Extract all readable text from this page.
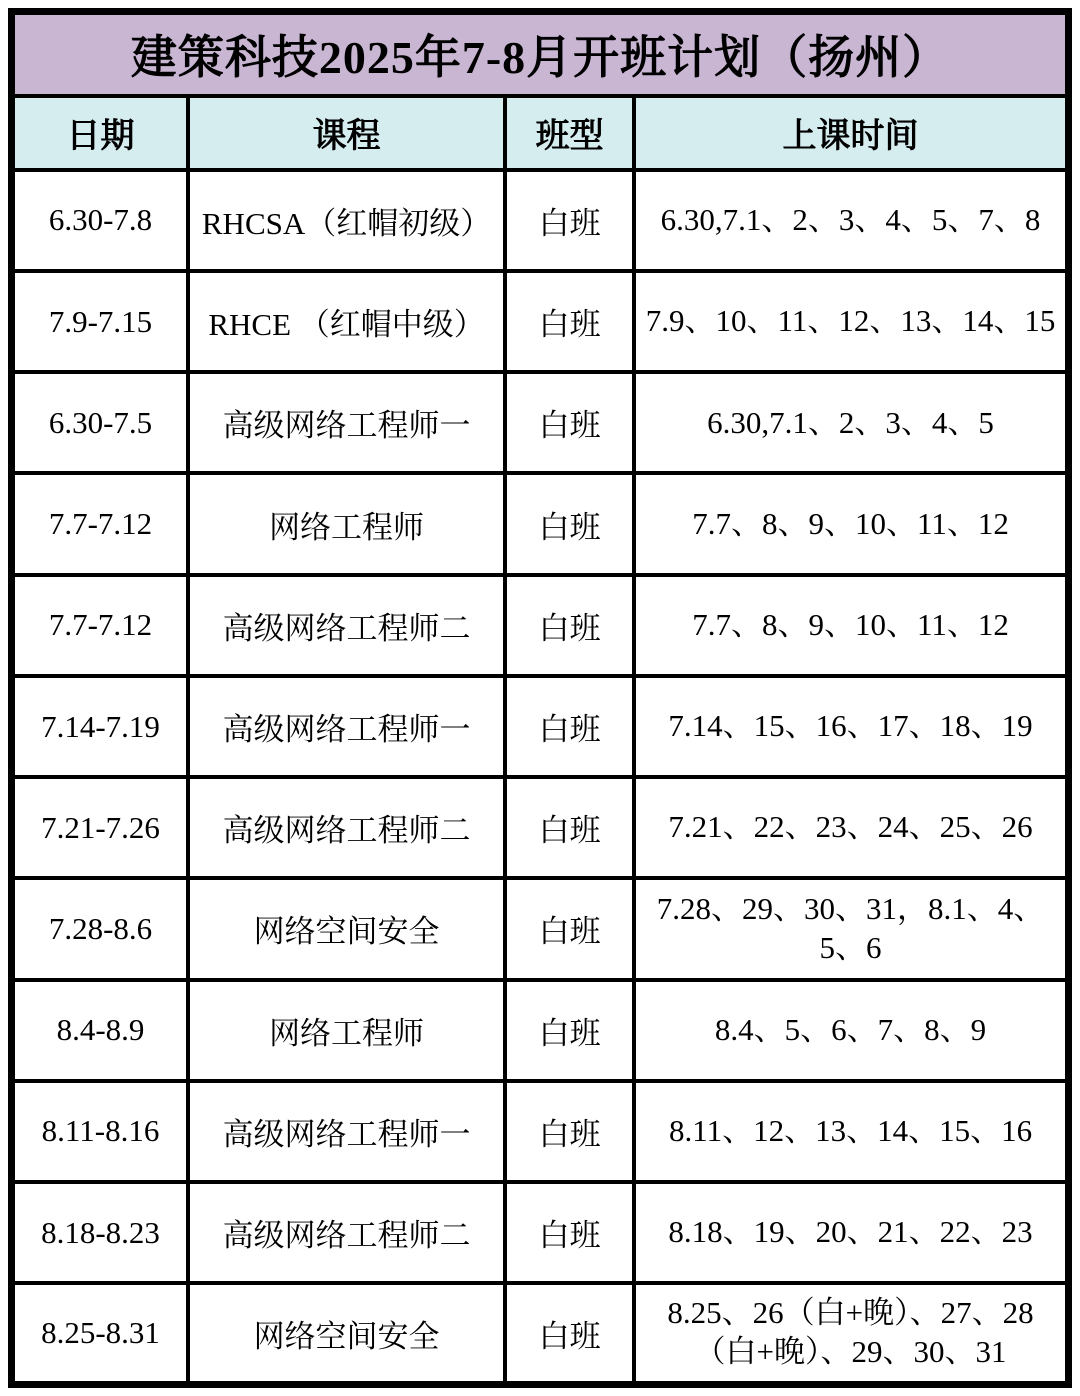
建策科技2025年7-8月开班计划（扬州）			
日期	课程	班型	上课时间
6.30-7.8	RHCSA（红帽初级）	白班	6.30,7.1、2、3、4、5、7、8
7.9-7.15	RHCE （红帽中级）	白班	7.9、10、11、12、13、14、15
6.30-7.5	高级网络工程师一	白班	6.30,7.1、2、3、4、5
7.7-7.12	网络工程师	白班	7.7、8、9、10、11、12
7.7-7.12	高级网络工程师二	白班	7.7、8、9、10、11、12
7.14-7.19	高级网络工程师一	白班	7.14、15、16、17、18、19
7.21-7.26	高级网络工程师二	白班	7.21、22、23、24、25、26
7.28-8.6	网络空间安全	白班	7.28、29、30、31，8.1、4、5、6
8.4-8.9	网络工程师	白班	8.4、5、6、7、8、9
8.11-8.16	高级网络工程师一	白班	8.11、12、13、14、15、16
8.18-8.23	高级网络工程师二	白班	8.18、19、20、21、22、23
8.25-8.31	网络空间安全	白班	8.25、26（白+晚）、27、28（白+晚）、29、30、31
